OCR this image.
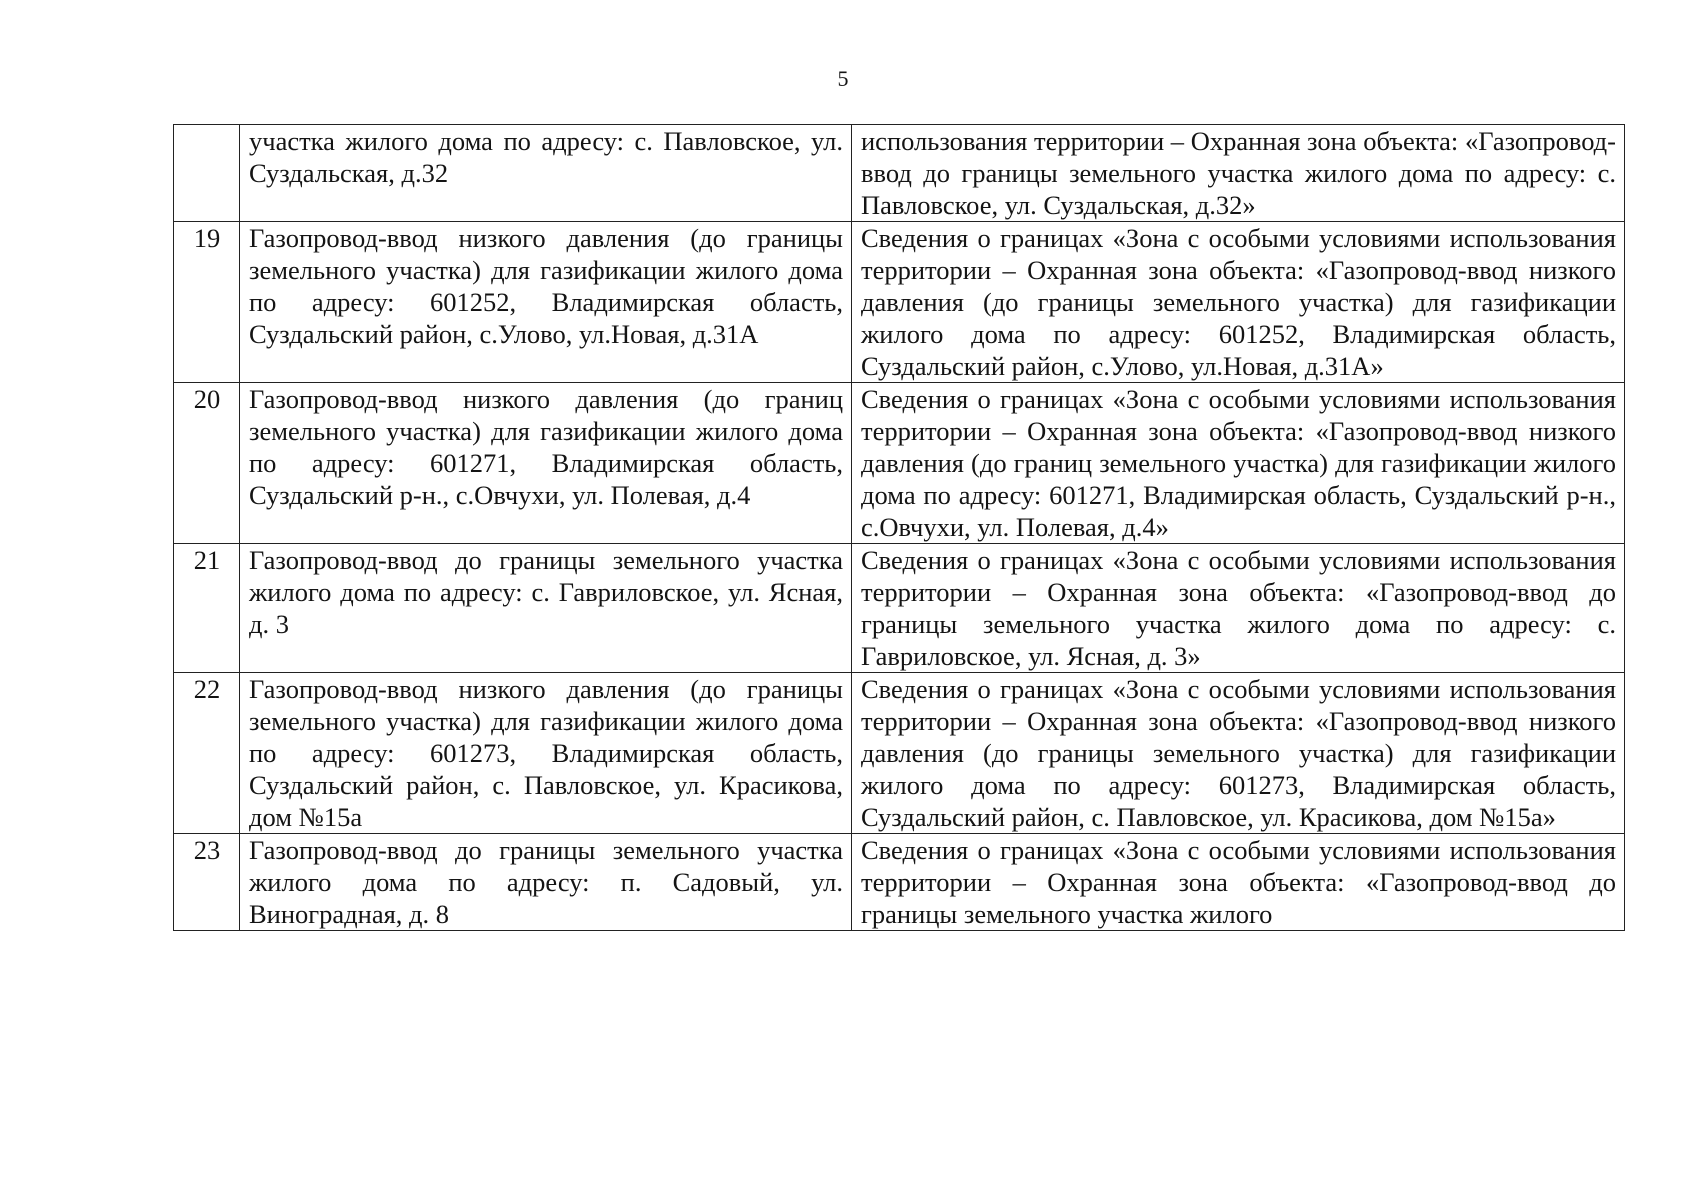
5
	участка жилого дома по адресу: с. Павловское, ул. Суздальская, д.32	использования территории – Охранная зона объекта: «Газопровод-ввод до границы земельного участка жилого дома по адресу: с. Павловское, ул. Суздальская, д.32»
19	Газопровод-ввод низкого давления (до границы земельного участка) для газификации жилого дома по адресу: 601252, Владимирская область, Суздальский район, с.Улово, ул.Новая, д.31А	Сведения о границах «Зона с особыми условиями использования территории – Охранная зона объекта: «Газопровод-ввод низкого давления (до границы земельного участка) для газификации жилого дома по адресу: 601252, Владимирская область, Суздальский район, с.Улово, ул.Новая, д.31А»
20	Газопровод-ввод низкого давления (до границ земельного участка) для газификации жилого дома по адресу: 601271, Владимирская область, Суздальский р-н., с.Овчухи, ул. Полевая, д.4	Сведения о границах «Зона с особыми условиями использования территории – Охранная зона объекта: «Газопровод-ввод низкого давления (до границ земельного участка) для газификации жилого дома по адресу: 601271, Владимирская область, Суздальский р-н., с.Овчухи, ул. Полевая, д.4»
21	Газопровод-ввод до границы земельного участка жилого дома по адресу: с. Гавриловское, ул. Ясная, д. 3	Сведения о границах «Зона с особыми условиями использования территории – Охранная зона объекта: «Газопровод-ввод до границы земельного участка жилого дома по адресу: с. Гавриловское, ул. Ясная, д. 3»
22	Газопровод-ввод низкого давления (до границы земельного участка) для газификации жилого дома по адресу: 601273, Владимирская область, Суздальский район, с. Павловское, ул. Красикова, дом №15а	Сведения о границах «Зона с особыми условиями использования территории – Охранная зона объекта: «Газопровод-ввод низкого давления (до границы земельного участка) для газификации жилого дома по адресу: 601273, Владимирская область, Суздальский район, с. Павловское, ул. Красикова, дом №15а»
23	Газопровод-ввод до границы земельного участка жилого дома по адресу: п. Садовый, ул. Виноградная, д. 8	Сведения о границах «Зона с особыми условиями использования территории – Охранная зона объекта: «Газопровод-ввод до границы земельного участка жилого
